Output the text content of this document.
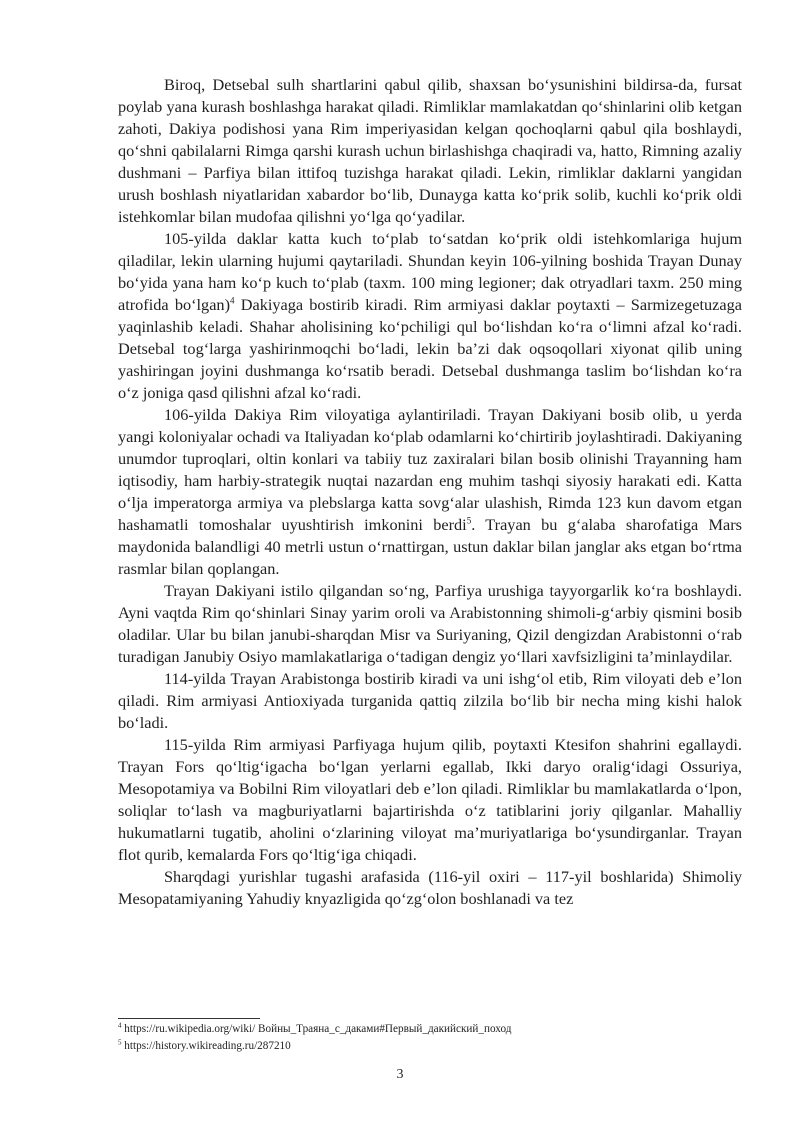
Biroq, Detsebal sulh shartlarini qabul qilib, shaxsan bo‘ysunishini bildirsa-da, fursat poylab yana kurash boshlashga harakat qiladi. Rimliklar mamlakatdan qo‘shinlarini olib ketgan zahoti, Dakiya podishosi yana Rim imperiyasidan kelgan qochoqlarni qabul qila boshlaydi, qo‘shni qabilalarni Rimga qarshi kurash uchun birlashishga chaqiradi va, hatto, Rimning azaliy dushmani – Parfiya bilan ittifoq tuzishga harakat qiladi. Lekin, rimliklar daklarni yangidan urush boshlash niyatlaridan xabardor bo‘lib, Dunayga katta ko‘prik solib, kuchli ko‘prik oldi istehkomlar bilan mudofaa qilishni yo‘lga qo‘yadilar.

105-yilda daklar katta kuch to‘plab to‘satdan ko‘prik oldi istehkomlariga hujum qiladilar, lekin ularning hujumi qaytariladi. Shundan keyin 106-yilning boshida Trayan Dunay bo‘yida yana ham ko‘p kuch to‘plab (taxm. 100 ming legioner; dak otryadlari taxm. 250 ming atrofida bo‘lgan)$^4$ Dakiyaga bostirib kiradi. Rim armiyasi daklar poytaxti – Sarmizegetuzaga yaqinlashib keladi. Shahar aholisining ko‘pchiligi qul bo‘lishdan ko‘ra o‘limni afzal ko‘radi. Detsebal tog‘larga yashirinmoqchi bo‘ladi, lekin ba’zi dak oqsoqollari xiyonat qilib uning yashiringan joyini dushmanga ko‘rsatib beradi. Detsebal dushmanga taslim bo‘lishdan ko‘ra o‘z joniga qasd qilishni afzal ko‘radi.

106-yilda Dakiya Rim viloyatiga aylantiriladi. Trayan Dakiyani bosib olib, u yerda yangi koloniyalar ochadi va Italiyadan ko‘plab odamlarni ko‘chirtirib joylashtiradi. Dakiyaning unumdor tuproqlari, oltin konlari va tabiiy tuz zaxiralari bilan bosib olinishi Trayanning ham iqtisodiy, ham harbiy-strategik nuqtai nazardan eng muhim tashqi siyosiy harakati edi. Katta o‘lja imperatorga armiya va plebslarga katta sovg‘alar ulashish, Rimda 123 kun davom etgan hashamatli tomoshalar uyushtirish imkonini berdi$^5$. Trayan bu g‘alaba sharofatiga Mars maydonida balandligi 40 metrli ustun o‘rnattirgan, ustun daklar bilan janglar aks etgan bo‘rtma rasmlar bilan qoplangan.

Trayan Dakiyani istilo qilgandan so‘ng, Parfiya urushiga tayyorgarlik ko‘ra boshlaydi. Ayni vaqtda Rim qo‘shinlari Sinay yarim oroli va Arabistonning shimoli-g‘arbiy qismini bosib oladilar. Ular bu bilan janubi-sharqdan Misr va Suriyaning, Qizil dengizdan Arabistonni o‘rab turadigan Janubiy Osiyo mamlakatlariga o‘tadigan dengiz yo‘llari xavfsizligini ta’minlaydilar.

114-yilda Trayan Arabistonga bostirib kiradi va uni ishg‘ol etib, Rim viloyati deb e’lon qiladi. Rim armiyasi Antioxiyada turganida qattiq zilzila bo‘lib bir necha ming kishi halok bo‘ladi.

115-yilda Rim armiyasi Parfiyaga hujum qilib, poytaxti Ktesifon shahrini egallaydi. Trayan Fors qo‘ltig‘igacha bo‘lgan yerlarni egallab, Ikki daryo oralig‘idagi Ossuriya, Mesopotamiya va Bobilni Rim viloyatlari deb e’lon qiladi. Rimliklar bu mamlakatlarda o‘lpon, soliqlar to‘lash va magburiyatlarni bajartirishda o‘z tatiblarini joriy qilganlar. Mahalliy hukumatlarni tugatib, aholini o‘zlarining viloyat ma’muriyatlariga bo‘ysundirganlar. Trayan flot qurib, kemalarda Fors qo‘ltig‘iga chiqadi.

Sharqdagi yurishlar tugashi arafasida (116-yil oxiri – 117-yil boshlarida) Shimoliy Mesopatamiyaning Yahudiy knyazligida qo‘zg‘olon boshlanadi va tez

$^4$ https://ru.wikipedia.org/wiki/ Войны_Траяна_с_даками#Первый_дакийский_поход

$^5$ https://history.wikireading.ru/287210

3
